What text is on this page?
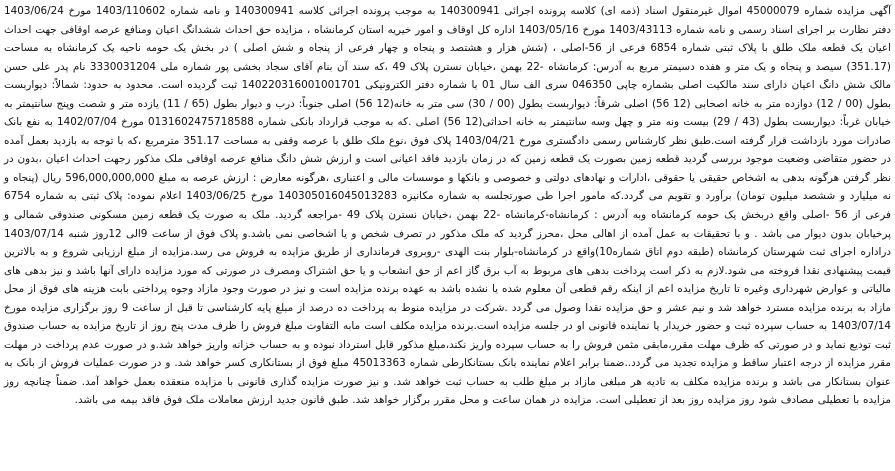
آگهی مزایده شماره 45000079 اموال غیرمنقول اسناد (ذمه ای) کلاسه پرونده اجرائی 140300941 به موجب پرونده اجرائی کلاسه 140300941 و نامه شماره 1403/110602 مورخ 1403/06/24 دفتر نظارت بر اجرای اسناد رسمی و نامه شماره 1403/43113 مورخ 1403/05/16 اداره کل اوقاف و امور خیریه استان کرمانشاه ، مزایده حق احداث ششدانگ اعیان ومنافع عرصه اوقافی جهت احداث اعیان یک قطعه ملک طلق با پلاک ثبتی شماره 6854 فرعی از 56-اصلی ، (شش هزار و هشتصد و پنجاه و چهار فرعی از پنجاه و شش اصلی ) در بخش یک حومه ناحیه یک کرمانشاه به مساحت (351.17) سیصد و پنجاه و یک متر و هفده دسیمتر مربع به آدرس: کرمانشاه -22 بهمن ،خیابان نسترن پلاک 49 ،که سند آن بنام آقای سجاد بخشی پور شماره ملی 3330031204 نام پدر علی حسن مالک شش دانگ اعیان دارای سند مالکیت اصلی بشماره چاپی 046350 سری الف سال 01 با شماره دفتر الکترونیکی 140220316001001701 ثبت گردیده است. محدود به حدود: شمالاً: دیواربست بطول (00 / 12) دوازده متر به خانه اصحابی (12 56) اصلی شرقاً: دیواربست بطول (00 / 30) سی متر به خانه(12 56) اصلی جنوباً: درب و دیوار بطول (65 / 11) یازده متر و شصت وپنج سانتیمتر به خیابان غرباً: دیواربست بطول (43 / 29) بیست ونه متر و چهل وسه سانتیمتر به خانه احداثی(12 56) اصلی .که به موجب قرارداد بانکی شماره 0131602475718588 مورخ 1402/07/04 به نفع بانک صادرات مورد بازداشت قرار گرفته است.طبق نظر کارشناس رسمی دادگستری مورخ 1403/04/21 پلاک فوق ،نوع ملک طلق با عرصه وقفی به مساحت 351.17 مترمربع ،که با توجه به بازدید بعمل آمده در حضور متقاضی وضعیت موجود بررسی گردید قطعه زمین بصورت یک قطعه زمین که در زمان بازدید فاقد اعیانی است و ارزش شش دانگ منافع عرصه اوقافی ملک مذکور رجهت احداث اعیان ،بدون در نظر گرفتن هرگونه بدهی به اشخاص حقیقی یا حقوقی ،ادارات و نهادهای دولتی و خصوصی و بانکها و موسسات مالی و اعتباری ،هرگونه معارض : ارزش عرصه به مبلغ 596,000,000,000 ریال (پنجاه و نه میلیارد و ششصد میلیون تومان) برآورد و تقویم می گردد.که مامور اجرا طی صورتجلسه به شماره مکانیزه 140305016045013283 مورخ 1403/06/25 اعلام نموده: پلاک ثبتی به شماره 6754 فرعی از 56 -اصلی واقع دربخش یک حومه کرمانشاه وبه آدرس : کرمانشاه-کرمانشاه -22 بهمن ،خیابان نسترن پلاک 49 -مراجعه گردید. ملک به صورت یک قطعه زمین مسکونی صندوقی شمالی و پرخیابان بدون دیوار می باشد . و با تحقیقات به عمل آمده از اهالی محل ،محرز گردید که ملک مذکور در تصرف شخص و یا اشخاصی نمی باشد.و پلاک فوق از ساعت 9الی 12روز شنبه 1403/07/14 دراداره اجرای ثبت شهرستان کرمانشاه (طبقه دوم اتاق شماره10)واقع در کرمانشاه-بلوار بنت الهدی -روبروی فرمانداری از طریق مزایده به فروش می رسد.مزایده از مبلغ ارزیابی شروع و به بالاترین قیمت پیشنهادی نقدا فروخته می شود.لازم به ذکر است پرداخت بدهی های مربوط به آب برق گاز اعم از حق انشعاب و یا حق اشتراک ومصرف در صورتی که مورد مزایده دارای آنها باشد و نیز بدهی های مالیاتی و عوارض شهرداری وغیره تا تاریخ مزایده اعم از اینکه رقم قطعی آن معلوم شده یا نشده باشد به عهده برنده مزایده است و نیز در صورت وجود مازاد وجوه پرداختی بابت هزینه های فوق از محل مازاد به برنده مزایده مسترد خواهد شد و نیم عشر و حق مزایده نقدا وصول می گردد .شرکت در مزایده منوط به پرداخت ده درصد از مبلغ پایه کارشناسی تا قبل از ساعت 9 روز برگزاری مزایده مورخ 1403/07/14 به حساب سپرده ثبت و حضور خریدار یا نماینده قانونی او در جلسه مزایده است.برنده مزایده مکلف است مابه التفاوت مبلغ فروش را ظرف مدت پنج روز از تاریخ مزایده به حساب صندوق ثبت تودیع نماید و در صورتی که ظرف مهلت مقرر،مابقی مثمن فروش را به حساب سپرده واریز نکند،مبلغ مذکور قابل استرداد نبوده و به حساب خزانه واریز خواهد شد.و در صورت عدم پرداخت در مهلت مقرر مزایده از درجه اعتبار ساقط و مزایده تجدید می گردد..ضمنا برابر اعلام نماینده بانک بستانکارطی شماره 45013363 مبلغ فوق از بستانکاری کسر خواهد شد. و در صورت عملیات فروش از بانک به عنوان بستانکار می باشد و برنده مزایده مکلف به تادیه هر مبلغی مازاد بر مبلغ طلب به حساب ثبت خواهد شد. و نیز صورت مزایده گذاری قانونی با مزایده منعقده بعمل خواهد آمد. ضمناً چنانچه روز مزایده با تعطیلی مصادف شود روز مزایده روز بعد از تعطیلی است. مزایده در همان ساعت و محل مقرر برگزار خواهد شد. طبق قانون جدید ارزش معاملات ملک فوق فاقد بیمه می باشد.
